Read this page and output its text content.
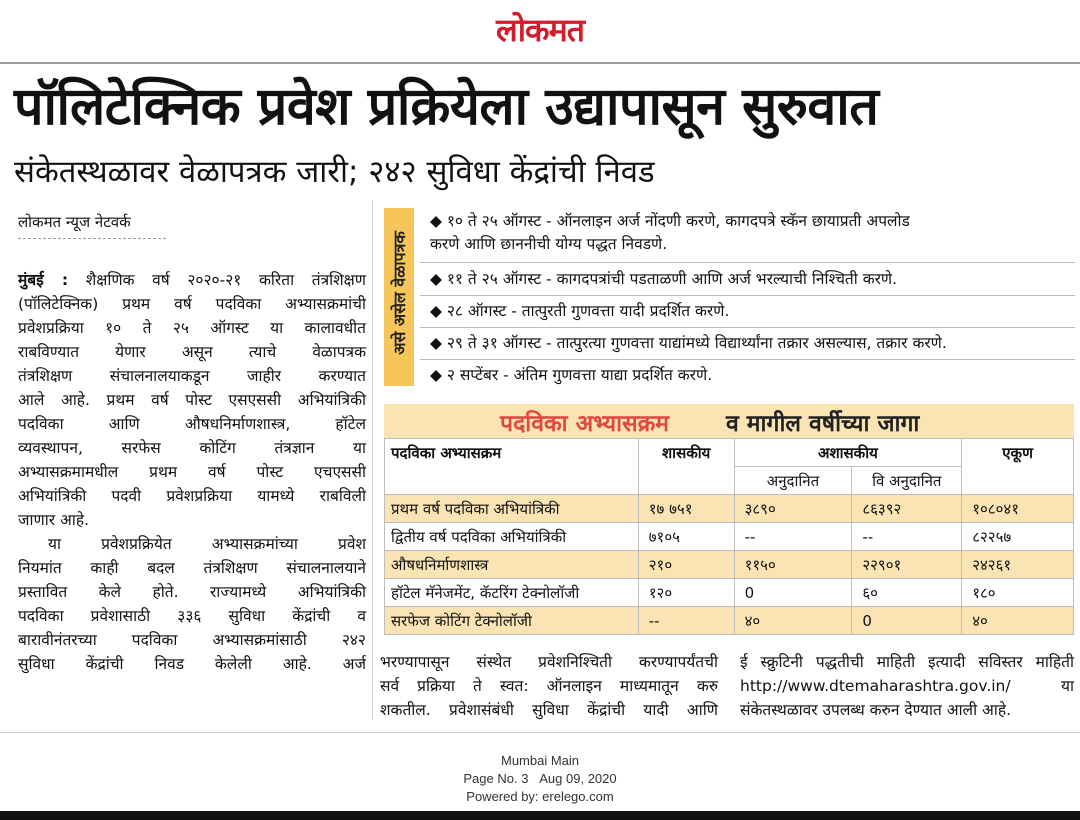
लोकमत
पॉलिटेक्निक प्रवेश प्रक्रियेला उद्यापासून सुरुवात
संकेतस्थळावर वेळापत्रक जारी; २४२ सुविधा केंद्रांची निवड
लोकमत न्यूज नेटवर्क

मुंबई : शैक्षणिक वर्ष २०२०-२१ करिता तंत्रशिक्षण

(पॉलिटेक्निक) प्रथम वर्ष पदविका अभ्यासक्रमांची

प्रवेशप्रक्रिया १० ते २५ ऑगस्ट या कालावधीत

राबविण्यात येणार असून त्याचे वेळापत्रक

तंत्रशिक्षण संचालनालयाकडून जाहीर करण्यात

आले आहे. प्रथम वर्ष पोस्ट एसएससी अभियांत्रिकी

पदविका आणि औषधनिर्माणशास्त्र, हॉटेल

व्यवस्थापन, सरफेस कोटिंग तंत्रज्ञान या

अभ्यासक्रमामधील प्रथम वर्ष पोस्ट एचएससी

अभियांत्रिकी पदवी प्रवेशप्रक्रिया यामध्ये राबविली

जाणार आहे.

या प्रवेशप्रक्रियेत अभ्यासक्रमांच्या प्रवेश

नियमांत काही बदल तंत्रशिक्षण संचालनालयाने

प्रस्तावित केले होते. राज्यामध्ये अभियांत्रिकी

पदविका प्रवेशासाठी ३३६ सुविधा केंद्रांची व

बारावीनंतरच्या पदविका अभ्यासक्रमांसाठी २४२

सुविधा केंद्रांची निवड केलेली आहे. अर्ज

असे असेल वेळापत्रक
◆ १० ते २५ ऑगस्ट - ऑनलाइन अर्ज नोंदणी करणे, कागदपत्रे स्कॅन छायाप्रती अपलोड
करणे आणि छाननीची योग्य पद्धत निवडणे.
◆ ११ ते २५ ऑगस्ट - कागदपत्रांची पडताळणी आणि अर्ज भरल्याची निश्चिती करणे.
◆ २८ ऑगस्ट - तात्पुरती गुणवत्ता यादी प्रदर्शित करणे.
◆ २९ ते ३१ ऑगस्ट - तात्पुरत्या गुणवत्ता याद्यांमध्ये विद्यार्थ्यांना तक्रार असल्यास, तक्रार करणे.
◆ २ सप्टेंबर - अंतिम गुणवत्ता याद्या प्रदर्शित करणे.
पदविका अभ्यासक्रम व मागील वर्षीच्या जागा
पदविका अभ्यासक्रम	शासकीय	अशासकीय		एकूण
		अनुदानित	वि अनुदानित	
प्रथम वर्ष पदविका अभियांत्रिकी	१७ ७५१	३८९०	८६३९२	१०८०४१
द्वितीय वर्ष पदविका अभियांत्रिकी	७१०५	--	--	८२२५७
औषधनिर्माणशास्त्र	२१०	११५०	२२९०१	२४२६१
हॉटेल मॅनेजमेंट, कॅटरिंग टेक्नोलॉजी	१२०	0	६०	१८०
सरफेज कोटिंग टेक्नोलॉजी	--	४०	0	४०
भरण्यापासून संस्थेत प्रवेशनिश्चिती करण्यापर्यंतची
सर्व प्रक्रिया ते स्वत: ऑनलाइन माध्यमातून करु
शकतील. प्रवेशासंबंधी सुविधा केंद्रांची यादी आणि
ई स्क्रुटिनी पद्धतीची माहिती इत्यादी सविस्तर माहिती
http://www.dtemaharashtra.gov.in/ या
संकेतस्थळावर उपलब्ध करुन देण्यात आली आहे.
Mumbai Main
Page No. 3 Aug 09, 2020
Powered by: erelego.com
